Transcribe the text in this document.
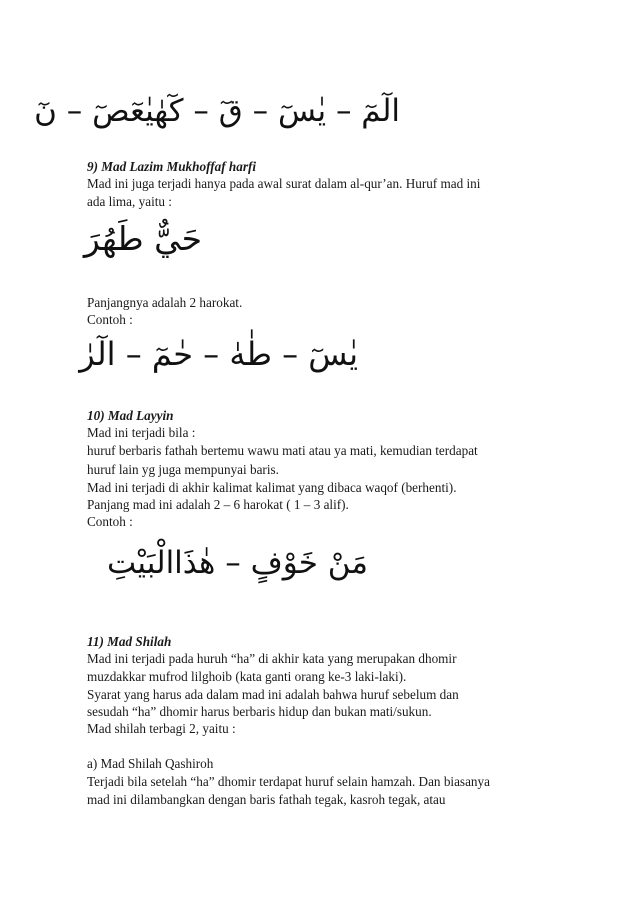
الٓمٓ – يٰسٓ – قٓ – كٓهٰيٰعٓصٓ – نٓ
9) Mad Lazim Mukhoffaf harfi
Mad ini juga terjadi hanya pada awal surat dalam al-qur’an. Huruf mad ini
ada lima, yaitu :
حَيٌّ طَهُرَ
Panjangnya adalah 2 harokat.
Contoh :
يٰسٓ – طٰهٰ – حٰمٓ – الٓرٰ
10) Mad Layyin
Mad ini terjadi bila :
huruf berbaris fathah bertemu wawu mati atau ya mati, kemudian terdapat
huruf lain yg juga mempunyai baris.
Mad ini terjadi di akhir kalimat kalimat yang dibaca waqof (berhenti).
Panjang mad ini adalah 2 – 6 harokat ( 1 – 3 alif).
Contoh :
مَنْ خَوْفٍ – هٰذَاالْبَيْتِ
11) Mad Shilah
Mad ini terjadi pada huruh “ha” di akhir kata yang merupakan dhomir
muzdakkar mufrod lilghoib (kata ganti orang ke-3 laki-laki).
Syarat yang harus ada dalam mad ini adalah bahwa huruf sebelum dan
sesudah “ha” dhomir harus berbaris hidup dan bukan mati/sukun.
Mad shilah terbagi 2, yaitu :
a) Mad Shilah Qashiroh
Terjadi bila setelah “ha” dhomir terdapat huruf selain hamzah. Dan biasanya
mad ini dilambangkan dengan baris fathah tegak, kasroh tegak, atau
